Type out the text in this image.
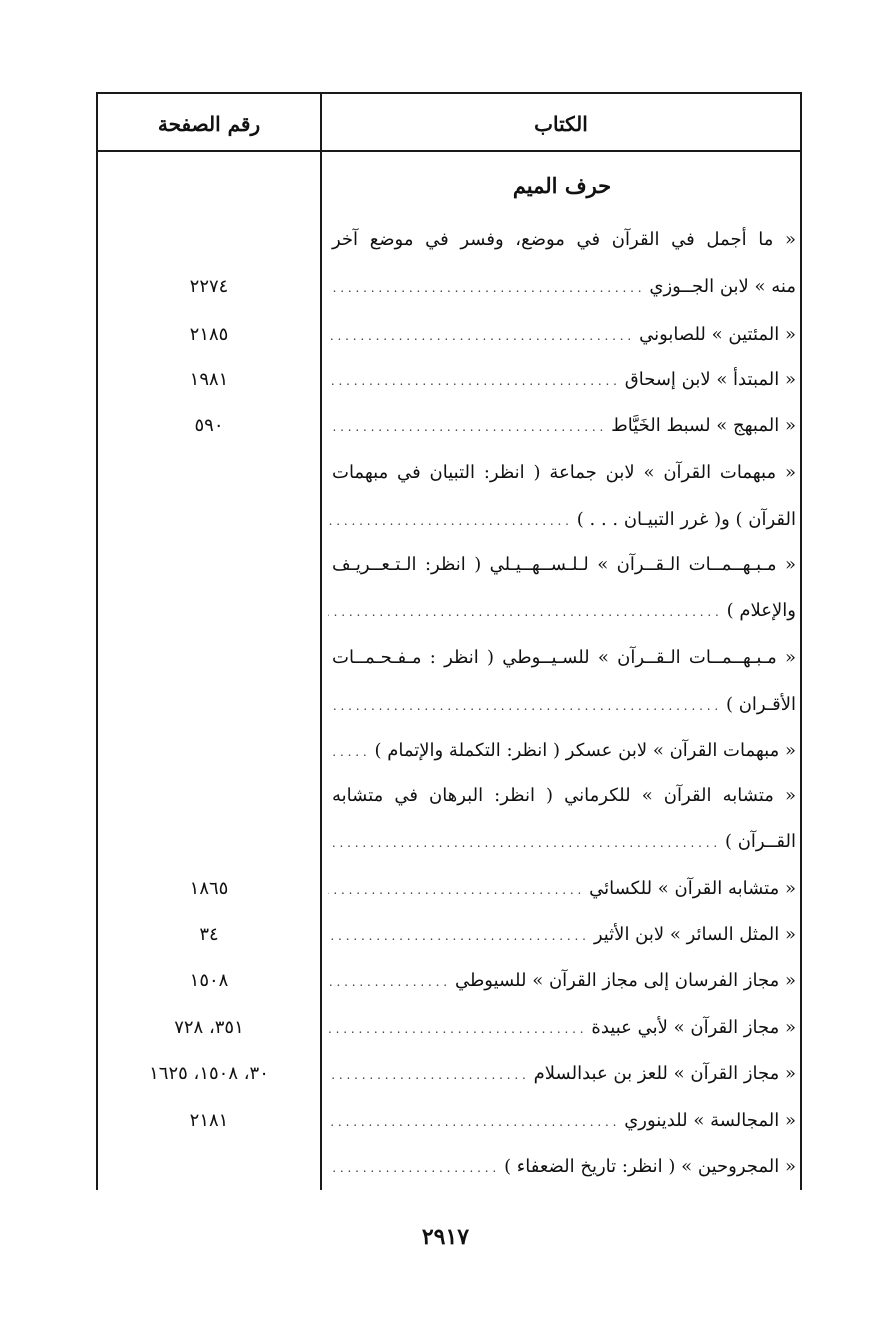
الكتاب
رقم الصفحة
حرف الميم
« ما أجمل في القرآن في موضع، وفسر في موضع آخر
منه » لابن الجــوزي . . .
٢٢٧٤
« المئتين » للصابوني . . .
٢١٨٥
« المبتدأ » لابن إسحاق . . .
١٩٨١
« المبهج » لسبط الخَيَّاط . . .
٥٩٠
« مبهمات القرآن » لابن جماعة ( انظر: التبيان في مبهمات
القرآن ) و( غرر التبيـان . . . ) . . .
« مـبـهــمــات الـقــرآن » لـلـســهــيـلي ( انظر: الـتـعــريـف
والإعلام ) . . .
« مـبـهــمــات الـقــرآن » للسـيــوطي ( انظر : مـفـحـمــات
الأقـران ) . . .
« مبهمات القرآن » لابن عسكر ( انظر: التكملة والإتمام ) . . .
« متشابه القرآن » للكرماني ( انظر: البرهان في متشابه
القــرآن ) . . .
« متشابه القرآن » للكسائي . . .
١٨٦٥
« المثل السائر » لابن الأثير . . .
٣٤
« مجاز الفرسان إلى مجاز القرآن » للسيوطي . . .
١٥٠٨
« مجاز القرآن » لأبي عبيدة . . .
٣٥١، ٧٢٨
« مجاز القرآن » للعز بن عبدالسلام . . .
٣٠، ١٥٠٨، ١٦٢٥
« المجالسة » للدينوري . . .
٢١٨١
« المجروحين » ( انظر: تاريخ الضعفاء ) . . .
٢٩١٧
